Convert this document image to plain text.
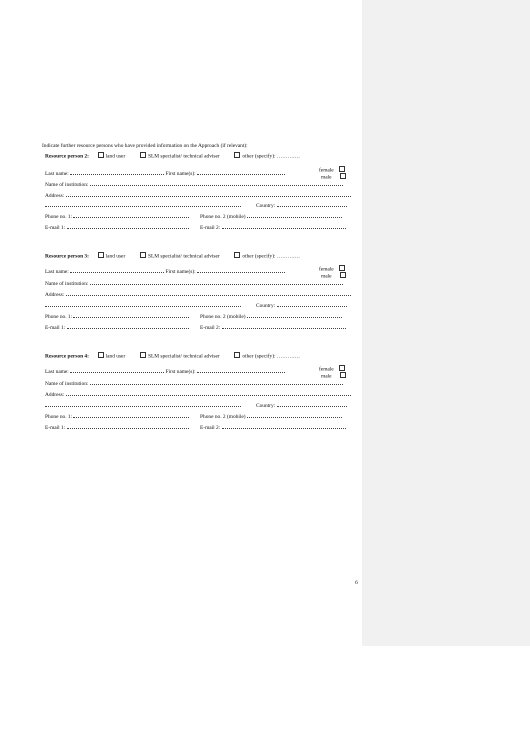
Indicate further resource persons who have provided information on the Approach (if relevant):
Resource person 2:	land user	SLM specialist/ technical adviser	other (specify): ………….
Last name:	First name(s):
female
male
Name of institution:
Address:
Country:
Phone no. 1:	Phone no. 2 (mobile)
E-mail 1:	E-mail 2:
Resource person 3:	land user	SLM specialist/ technical adviser	other (specify): ………….
Last name:	First name(s):	female
male
Name of institution:
Address:
Country:
Phone no. 1:	Phone no. 2 (mobile)
E-mail 1:	E-mail 2:
Resource person 4:	land user	SLM specialist/ technical adviser	other (specify): ………….
Last name:	First name(s):	female
male
Name of institution:
Address:
Country:
Phone no. 1:	Phone no. 2 (mobile)
E-mail 1:	E-mail 2:
6
